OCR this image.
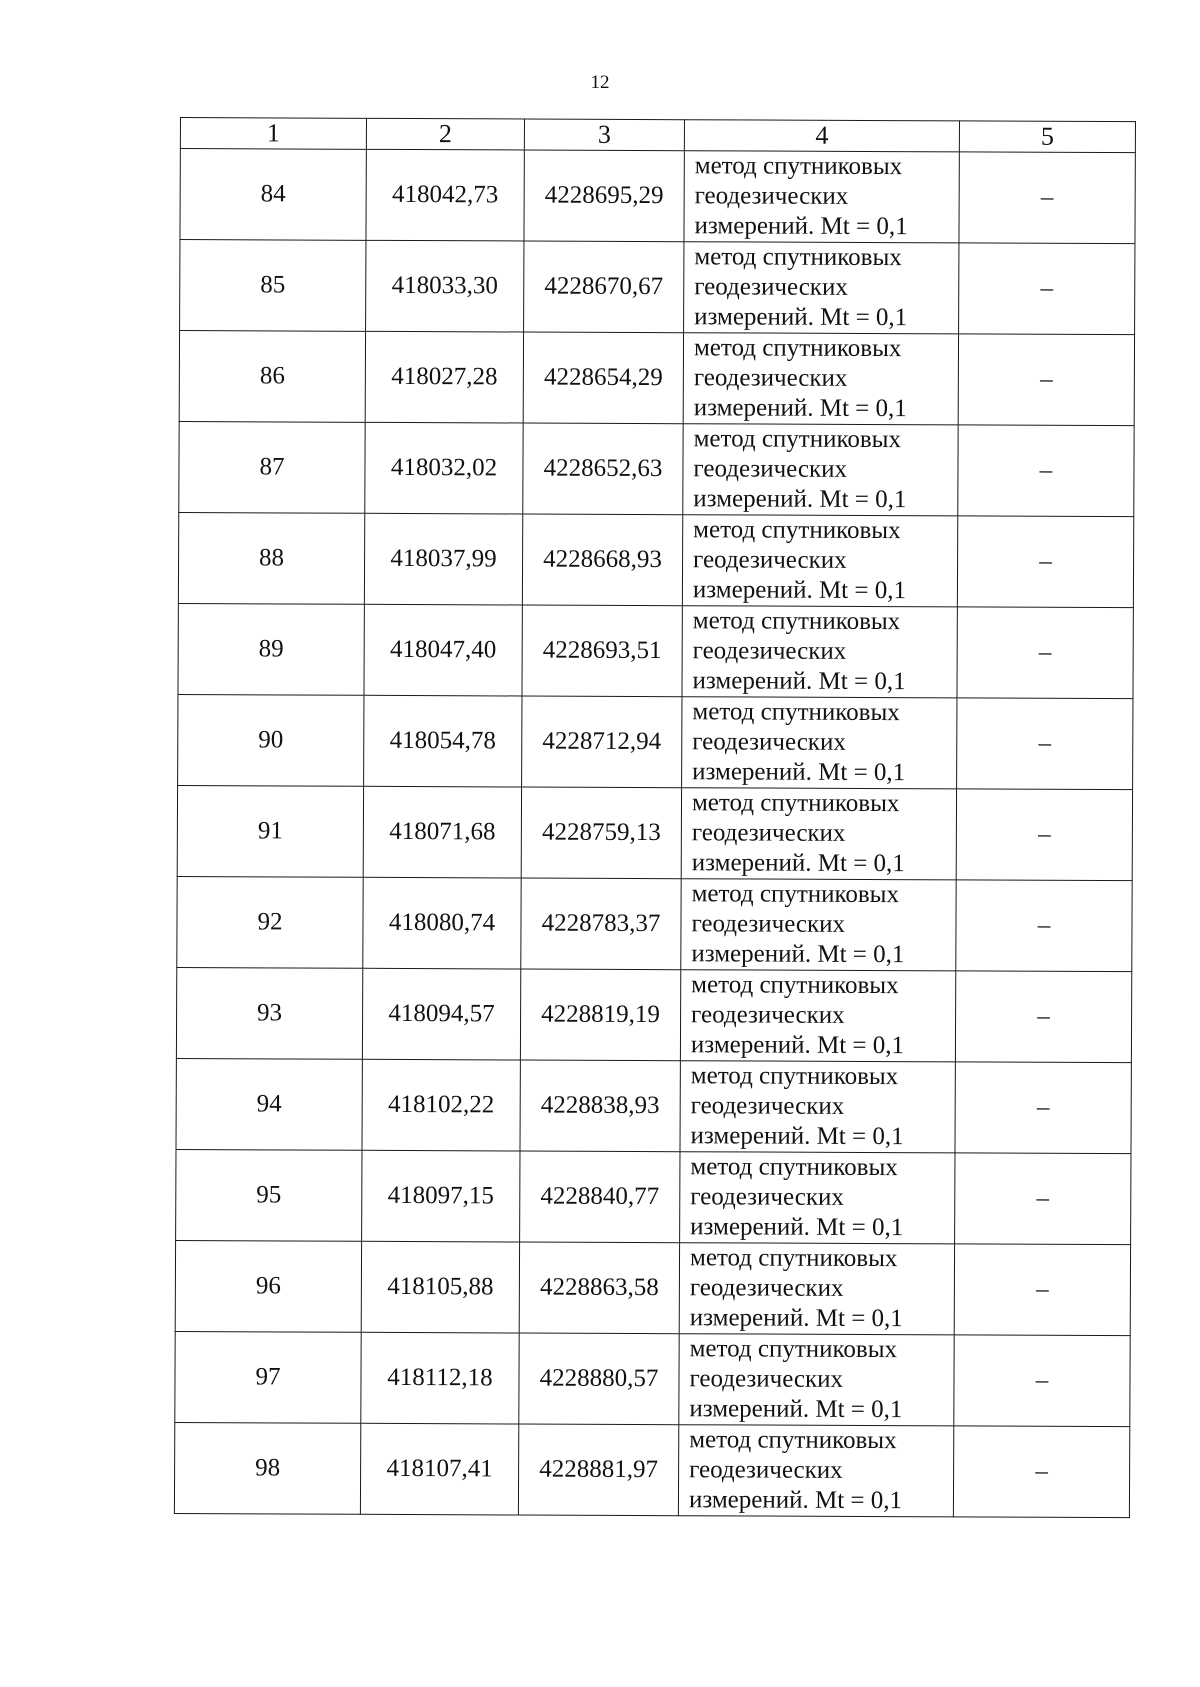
12
1	2	3	4	5
84	418042,73	4228695,29	метод спутниковых
геодезических
измерений. Mt = 0,1	–
85	418033,30	4228670,67	метод спутниковых
геодезических
измерений. Mt = 0,1	–
86	418027,28	4228654,29	метод спутниковых
геодезических
измерений. Mt = 0,1	–
87	418032,02	4228652,63	метод спутниковых
геодезических
измерений. Mt = 0,1	–
88	418037,99	4228668,93	метод спутниковых
геодезических
измерений. Mt = 0,1	–
89	418047,40	4228693,51	метод спутниковых
геодезических
измерений. Mt = 0,1	–
90	418054,78	4228712,94	метод спутниковых
геодезических
измерений. Mt = 0,1	–
91	418071,68	4228759,13	метод спутниковых
геодезических
измерений. Mt = 0,1	–
92	418080,74	4228783,37	метод спутниковых
геодезических
измерений. Mt = 0,1	–
93	418094,57	4228819,19	метод спутниковых
геодезических
измерений. Mt = 0,1	–
94	418102,22	4228838,93	метод спутниковых
геодезических
измерений. Mt = 0,1	–
95	418097,15	4228840,77	метод спутниковых
геодезических
измерений. Mt = 0,1	–
96	418105,88	4228863,58	метод спутниковых
геодезических
измерений. Mt = 0,1	–
97	418112,18	4228880,57	метод спутниковых
геодезических
измерений. Mt = 0,1	–
98	418107,41	4228881,97	метод спутниковых
геодезических
измерений. Mt = 0,1	–
